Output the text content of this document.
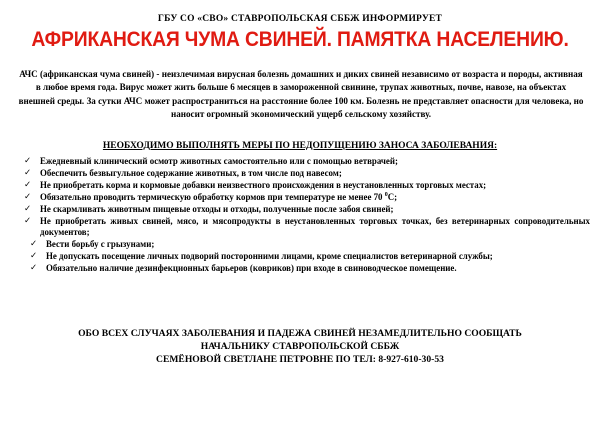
ГБУ СО «СВО» СТАВРОПОЛЬСКАЯ СББЖ ИНФОРМИРУЕТ
АФРИКАНСКАЯ ЧУМА СВИНЕЙ. ПАМЯТКА НАСЕЛЕНИЮ.
АЧС (африканская чума свиней) - неизлечимая вирусная болезнь домашних и диких свиней независимо от возраста и породы, активная в любое время года. Вирус может жить больше 6 месяцев в замороженной свинине, трупах животных, почве, навозе, на объектах внешней среды. За сутки АЧС может распространиться на расстояние более 100 км. Болезнь не представляет опасности для человека, но наносит огромный экономический ущерб сельскому хозяйству.
НЕОБХОДИМО ВЫПОЛНЯТЬ МЕРЫ ПО НЕДОПУЩЕНИЮ ЗАНОСА ЗАБОЛЕВАНИЯ:
✓ Ежедневный клинический осмотр животных самостоятельно или с помощью ветврачей;
✓ Обеспечить безвыгульное содержание животных, в том числе под навесом;
✓ Не приобретать корма и кормовые добавки неизвестного происхождения в неустановленных торговых местах;
✓ Обязательно проводить термическую обработку кормов при температуре не менее 70 $^0$С;
✓ Не скармливать животным пищевые отходы и отходы, полученные после забоя свиней;
✓ Не приобретать живых свиней, мясо, и мясопродукты в неустановленных торговых точках, без ветеринарных сопроводительных документов;
✓ Вести борьбу с грызунами;
✓ Не допускать посещение личных подворий посторонними лицами, кроме специалистов ветеринарной службы;
✓ Обязательно наличие дезинфекционных барьеров (ковриков) при входе в свиноводческое помещение.
ОБО ВСЕХ СЛУЧАЯХ ЗАБОЛЕВАНИЯ И ПАДЕЖА СВИНЕЙ НЕЗАМЕДЛИТЕЛЬНО СООБЩАТЬ
НАЧАЛЬНИКУ СТАВРОПОЛЬСКОЙ СББЖ
СЕМЁНОВОЙ СВЕТЛАНЕ ПЕТРОВНЕ ПО ТЕЛ: 8-927-610-30-53
